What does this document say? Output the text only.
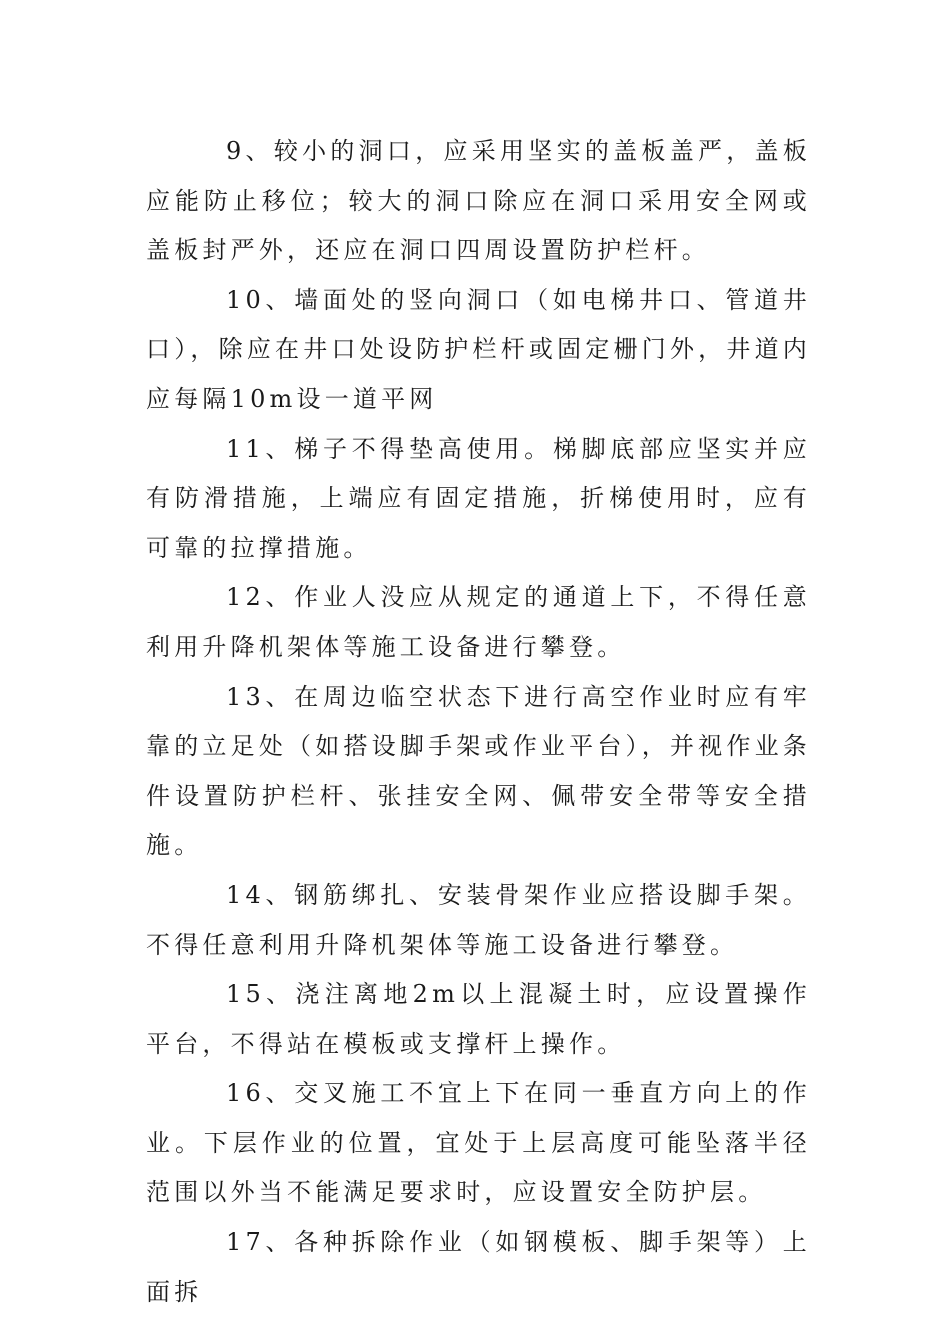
9、较小的洞口，应采用坚实的盖板盖严，盖板应能防止移位；较大的洞口除应在洞口采用安全网或盖板封严外，还应在洞口四周设置防护栏杆。

10、墙面处的竖向洞口（如电梯井口、管道井口），除应在井口处设防护栏杆或固定栅门外，井道内应每隔10m设一道平网

11、梯子不得垫高使用。梯脚底部应坚实并应有防滑措施，上端应有固定措施，折梯使用时，应有可靠的拉撑措施。

12、作业人没应从规定的通道上下，不得任意利用升降机架体等施工设备进行攀登。

13、在周边临空状态下进行高空作业时应有牢靠的立足处（如搭设脚手架或作业平台），并视作业条件设置防护栏杆、张挂安全网、佩带安全带等安全措施。

14、钢筋绑扎、安装骨架作业应搭设脚手架。不得任意利用升降机架体等施工设备进行攀登。

15、浇注离地2m以上混凝土时，应设置操作平台，不得站在模板或支撑杆上操作。

16、交叉施工不宜上下在同一垂直方向上的作业。下层作业的位置，宜处于上层高度可能坠落半径范围以外当不能满足要求时，应设置安全防护层。

17、各种拆除作业（如钢模板、脚手架等）上面拆
